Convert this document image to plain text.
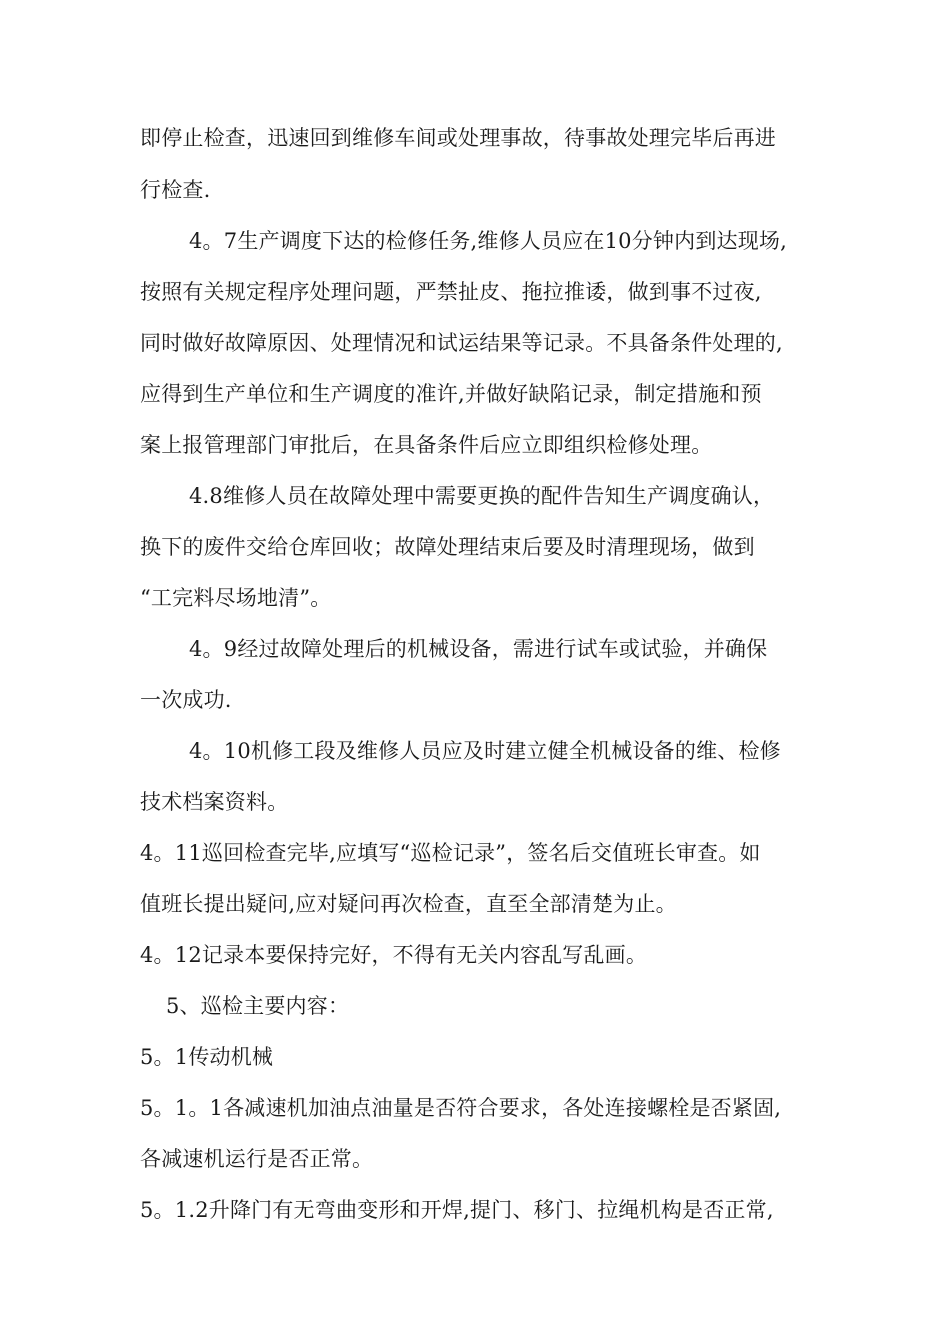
即停止检查，迅速回到维修车间或处理事故，待事故处理完毕后再进
行检查.
4。7生产调度下达的检修任务,维修人员应在10分钟内到达现场,
按照有关规定程序处理问题，严禁扯皮、拖拉推诿，做到事不过夜,
同时做好故障原因、处理情况和试运结果等记录。不具备条件处理的,
应得到生产单位和生产调度的准许,并做好缺陷记录，制定措施和预
案上报管理部门审批后，在具备条件后应立即组织检修处理。
4.8维修人员在故障处理中需要更换的配件告知生产调度确认，
换下的废件交给仓库回收；故障处理结束后要及时清理现场，做到
“工完料尽场地清”。
4。9经过故障处理后的机械设备，需进行试车或试验，并确保
一次成功.
4。10机修工段及维修人员应及时建立健全机械设备的维、检修
技术档案资料。
4。11巡回检查完毕,应填写“巡检记录”，签名后交值班长审查。如
值班长提出疑问,应对疑问再次检查，直至全部清楚为止。
4。12记录本要保持完好，不得有无关内容乱写乱画。
5、巡检主要内容：
5。1传动机械
5。1。1各减速机加油点油量是否符合要求，各处连接螺栓是否紧固,
各减速机运行是否正常。
5。1.2升降门有无弯曲变形和开焊,提门、移门、拉绳机构是否正常,
